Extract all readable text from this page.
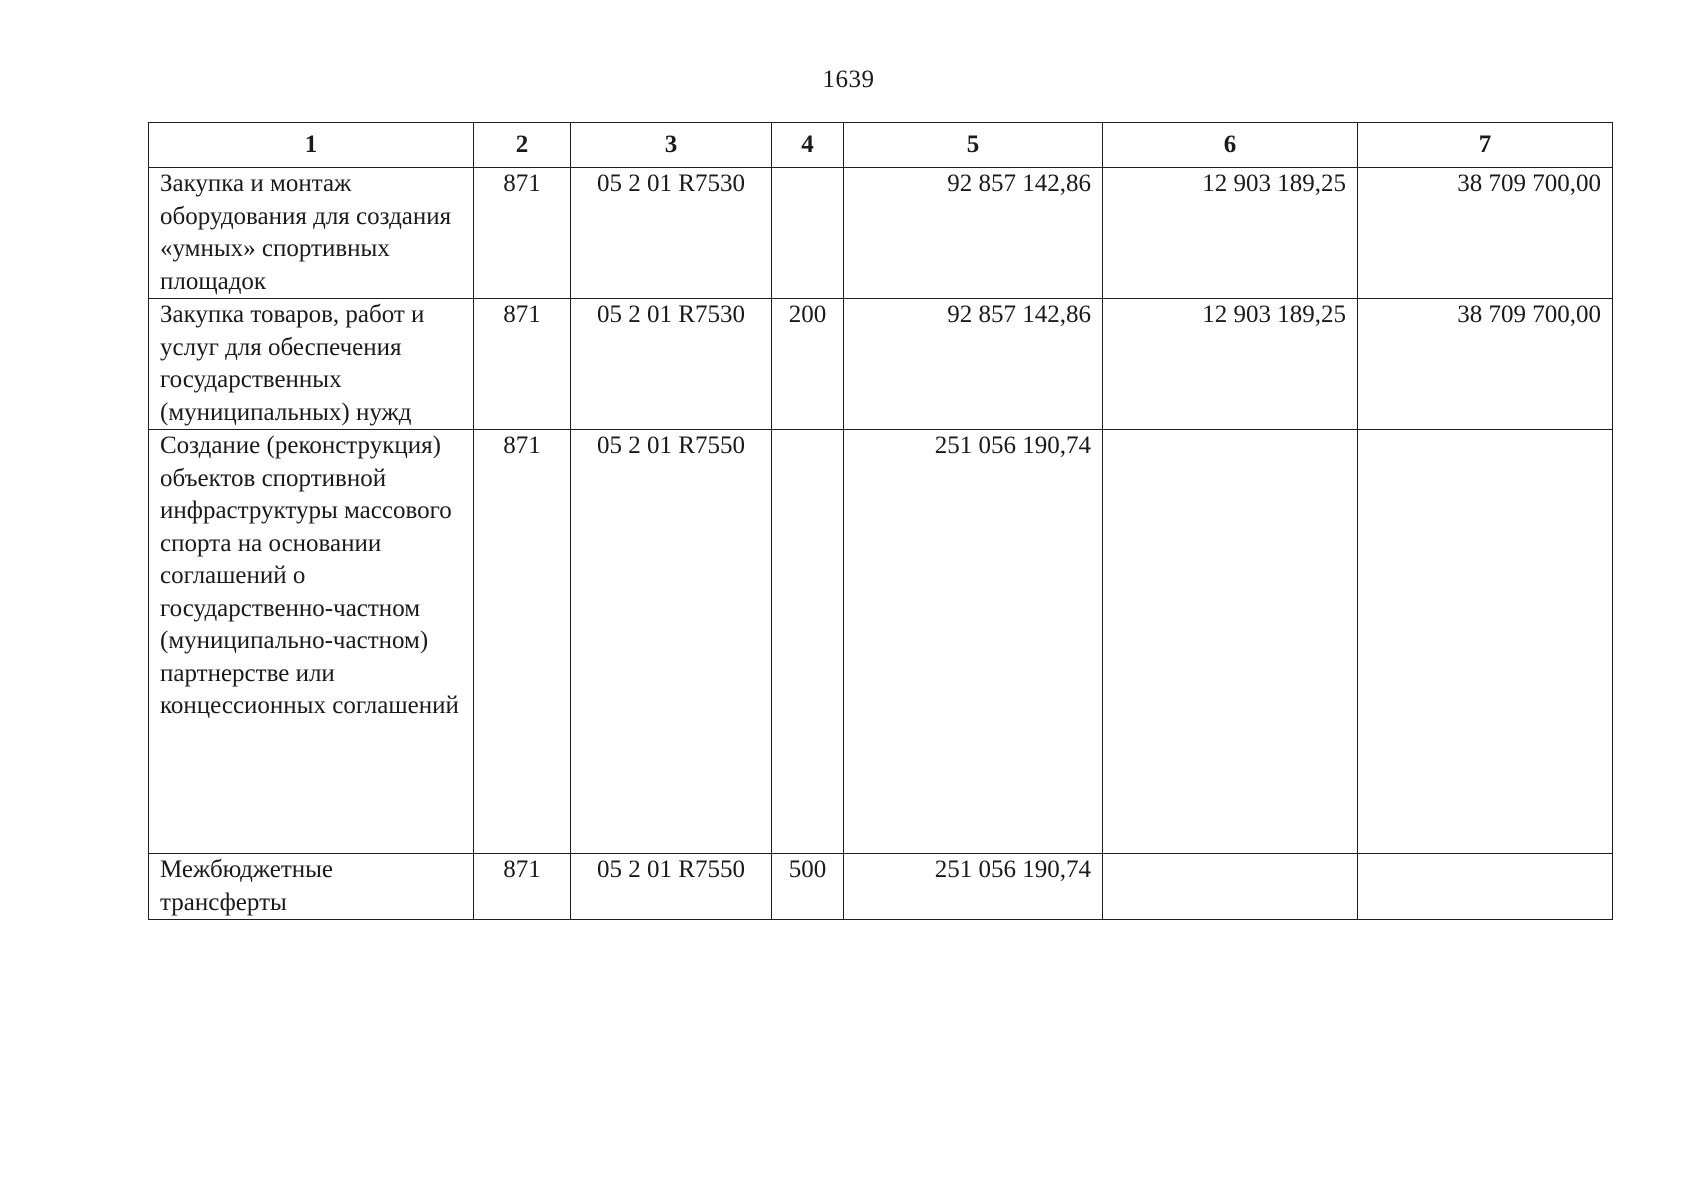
1639
1	2	3	4	5	6	7
Закупка и монтаж оборудования для создания «умных» спортивных площадок	871	05 2 01 R7530		92 857 142,86	12 903 189,25	38 709 700,00
Закупка товаров, работ и услуг для обеспечения государственных (муниципальных) нужд	871	05 2 01 R7530	200	92 857 142,86	12 903 189,25	38 709 700,00
Создание (реконструкция) объектов спортивной инфраструктуры массового спорта на основании соглашений о государственно-частном (муниципально-частном) партнерстве или концессионных соглашений	871	05 2 01 R7550		251 056 190,74		
Межбюджетные трансферты	871	05 2 01 R7550	500	251 056 190,74		
